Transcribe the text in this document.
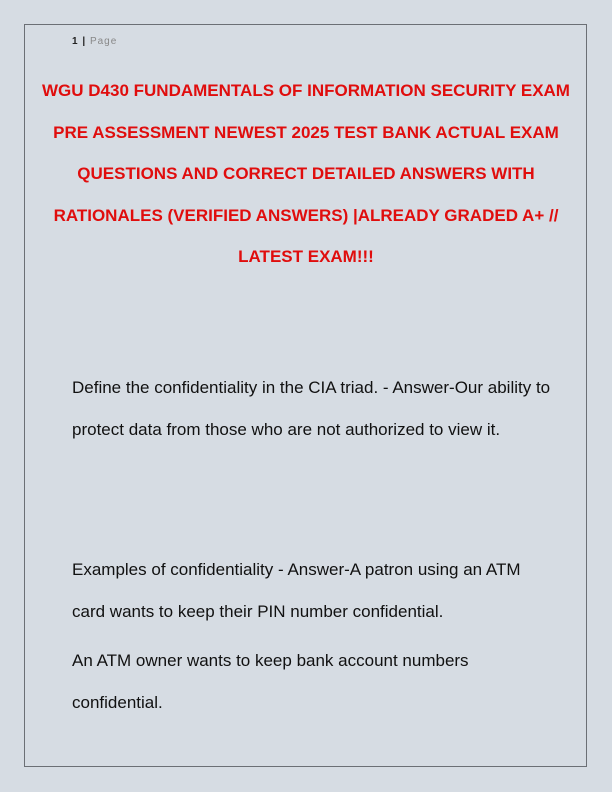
1 | Page
WGU D430 FUNDAMENTALS OF INFORMATION SECURITY EXAM PRE ASSESSMENT NEWEST 2025 TEST BANK ACTUAL EXAM QUESTIONS AND CORRECT DETAILED ANSWERS WITH RATIONALES (VERIFIED ANSWERS) |ALREADY GRADED A+ // LATEST EXAM!!!
Define the confidentiality in the CIA triad. - Answer-Our ability to protect data from those who are not authorized to view it.
Examples of confidentiality - Answer-A patron using an ATM card wants to keep their PIN number confidential.
An ATM owner wants to keep bank account numbers confidential.
